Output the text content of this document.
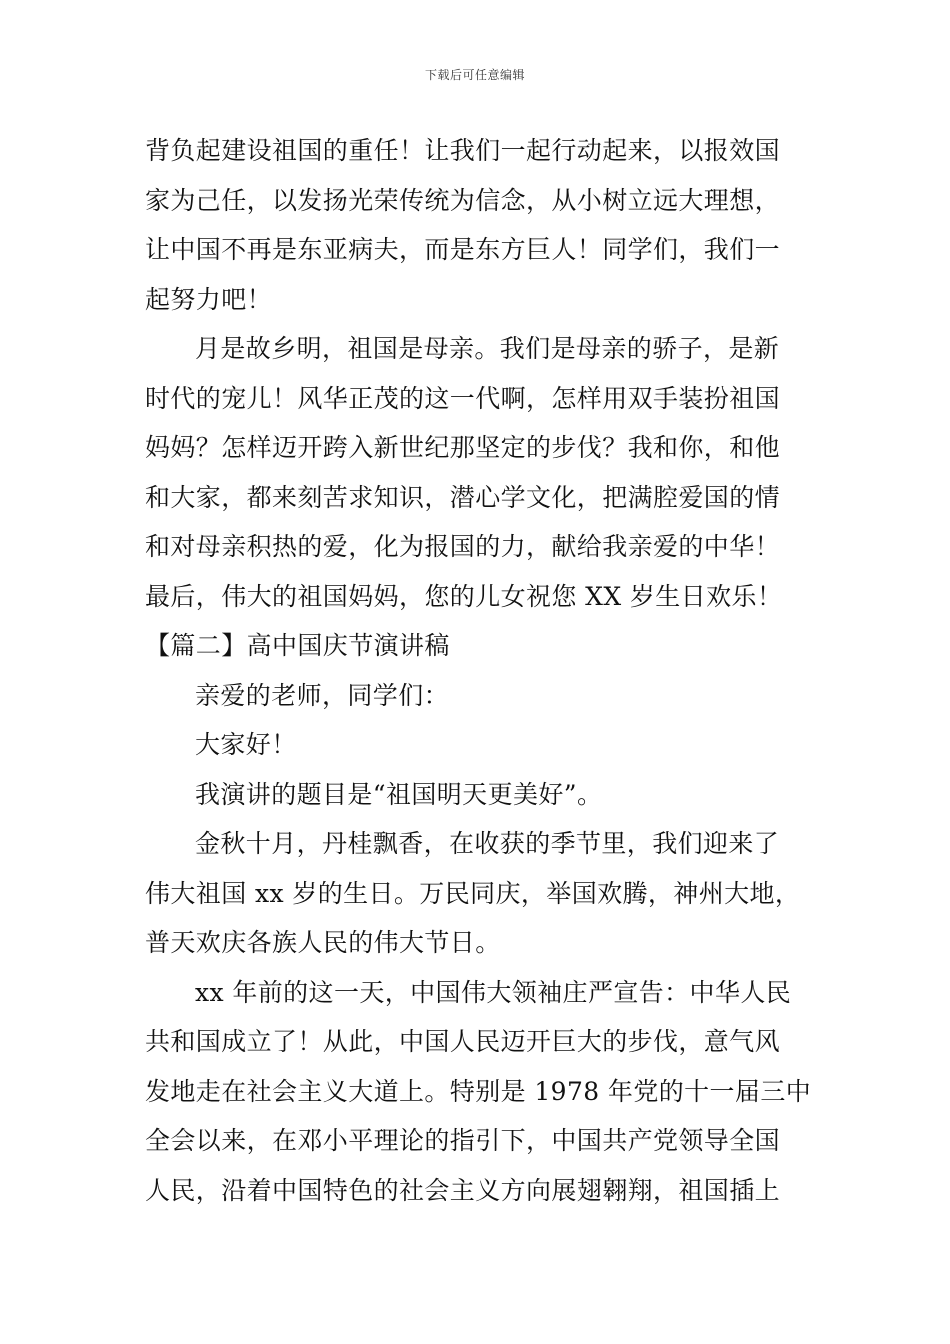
下载后可任意编辑
背负起建设祖国的重任！让我们一起行动起来，以报效国
家为己任，以发扬光荣传统为信念，从小树立远大理想，
让中国不再是东亚病夫，而是东方巨人！同学们，我们一
起努力吧！
月是故乡明，祖国是母亲。我们是母亲的骄子，是新
时代的宠儿！风华正茂的这一代啊，怎样用双手装扮祖国
妈妈？怎样迈开跨入新世纪那坚定的步伐？我和你，和他
和大家，都来刻苦求知识，潜心学文化，把满腔爱国的情
和对母亲积热的爱，化为报国的力，献给我亲爱的中华！
最后，伟大的祖国妈妈，您的儿女祝您 XX 岁生日欢乐！
【篇二】高中国庆节演讲稿
亲爱的老师，同学们：
大家好！
我演讲的题目是“祖国明天更美好”。
金秋十月，丹桂飘香，在收获的季节里，我们迎来了
伟大祖国 xx 岁的生日。万民同庆，举国欢腾，神州大地，
普天欢庆各族人民的伟大节日。
xx 年前的这一天，中国伟大领袖庄严宣告：中华人民
共和国成立了！从此，中国人民迈开巨大的步伐，意气风
发地走在社会主义大道上。特别是 1978 年党的十一届三中
全会以来，在邓小平理论的指引下，中国共产党领导全国
人民，沿着中国特色的社会主义方向展翅翱翔，祖国插上
